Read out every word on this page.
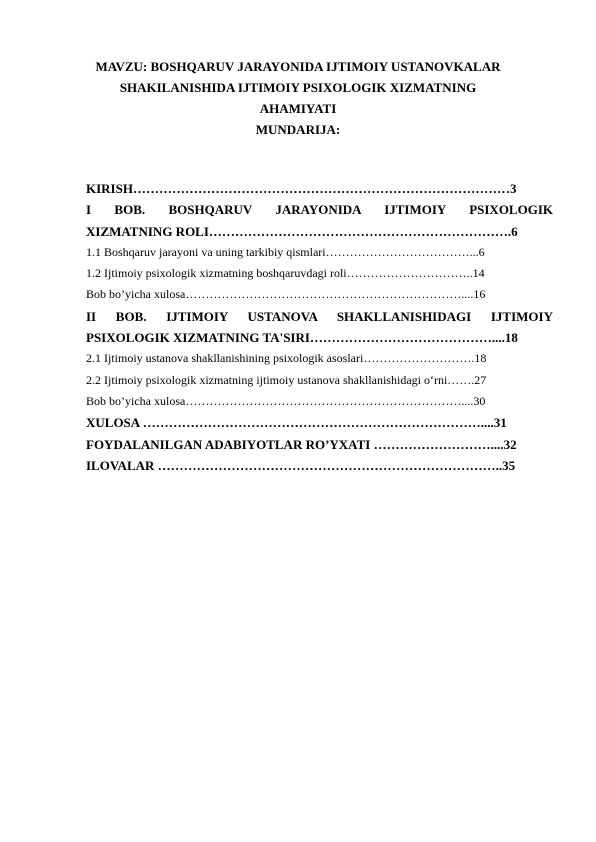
MAVZU: BOSHQARUV JARAYONIDA IJTIMOIY USTANOVKALAR
SHAKILANISHIDA IJTIMOIY PSIXOLOGIK XIZMATNING
AHAMIYATI
MUNDARIJA:
KIRISH……………………………………………………………………………3
I BOB. BOSHQARUV JARAYONIDA IJTIMOIY PSIXOLOGIK
XIZMATNING ROLI…………………………………………………………….6
1.1 Boshqaruv jarayoni va uning tarkibiy qismlari………………………………...6
1.2 Ijtimoiy psixologik xizmatning boshqaruvdagi roli…………………………..14
Bob bo’yicha xulosa……………………………………………………………....16
II BOB. IJTIMOIY USTANOVA SHAKLLANISHIDAGI IJTIMOIY
PSIXOLOGIK XIZMATNING TA'SIRI……………………………………....18
2.1 Ijtimoiy ustanova shakllanishining psixologik asoslari……………………….18
2.2 Ijtimoiy psixologik xizmatning ijtimoiy ustanova shakllanishidagi o‘rni…….27
Bob bo’yicha xulosa……………………………………………………………....30
XULOSA ……………………………………………………………………....31
FOYDALANILGAN ADABIYOTLAR RO’YXATI ………………………....32
ILOVALAR ……………………………………………………………………..35
